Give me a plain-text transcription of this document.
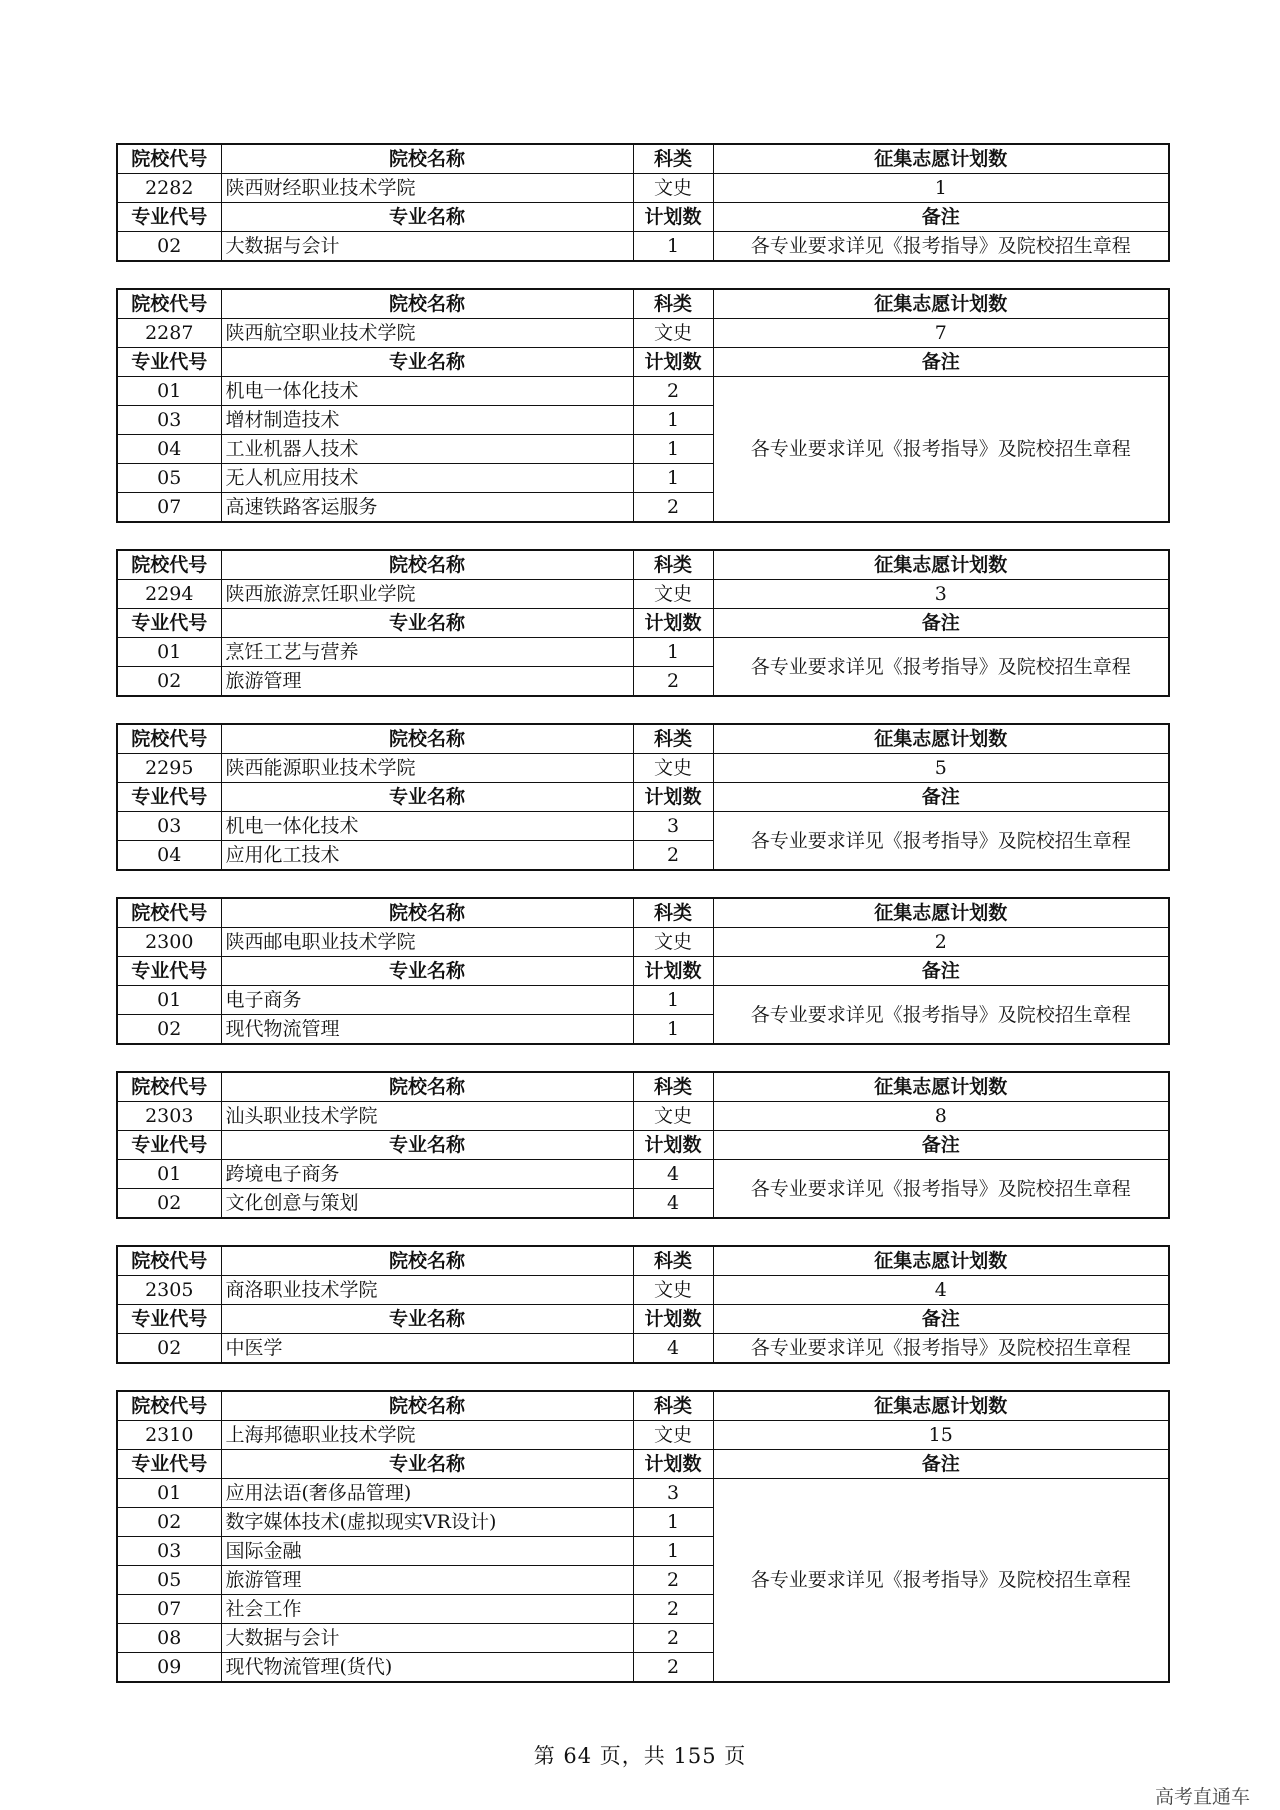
院校代号	院校名称	科类	征集志愿计划数
2282	陕西财经职业技术学院	文史	1
专业代号	专业名称	计划数	备注
02	大数据与会计	1	各专业要求详见《报考指导》及院校招生章程
院校代号	院校名称	科类	征集志愿计划数
2287	陕西航空职业技术学院	文史	7
专业代号	专业名称	计划数	备注
01	机电一体化技术	2	各专业要求详见《报考指导》及院校招生章程
03	增材制造技术	1	
04	工业机器人技术	1	
05	无人机应用技术	1	
07	高速铁路客运服务	2	
院校代号	院校名称	科类	征集志愿计划数
2294	陕西旅游烹饪职业学院	文史	3
专业代号	专业名称	计划数	备注
01	烹饪工艺与营养	1	各专业要求详见《报考指导》及院校招生章程
02	旅游管理	2	
院校代号	院校名称	科类	征集志愿计划数
2295	陕西能源职业技术学院	文史	5
专业代号	专业名称	计划数	备注
03	机电一体化技术	3	各专业要求详见《报考指导》及院校招生章程
04	应用化工技术	2	
院校代号	院校名称	科类	征集志愿计划数
2300	陕西邮电职业技术学院	文史	2
专业代号	专业名称	计划数	备注
01	电子商务	1	各专业要求详见《报考指导》及院校招生章程
02	现代物流管理	1	
院校代号	院校名称	科类	征集志愿计划数
2303	汕头职业技术学院	文史	8
专业代号	专业名称	计划数	备注
01	跨境电子商务	4	各专业要求详见《报考指导》及院校招生章程
02	文化创意与策划	4	
院校代号	院校名称	科类	征集志愿计划数
2305	商洛职业技术学院	文史	4
专业代号	专业名称	计划数	备注
02	中医学	4	各专业要求详见《报考指导》及院校招生章程
院校代号	院校名称	科类	征集志愿计划数
2310	上海邦德职业技术学院	文史	15
专业代号	专业名称	计划数	备注
01	应用法语(奢侈品管理)	3	各专业要求详见《报考指导》及院校招生章程
02	数字媒体技术(虚拟现实VR设计)	1	
03	国际金融	1	
05	旅游管理	2	
07	社会工作	2	
08	大数据与会计	2	
09	现代物流管理(货代)	2	
第 64 页，共 155 页
高考直通车
